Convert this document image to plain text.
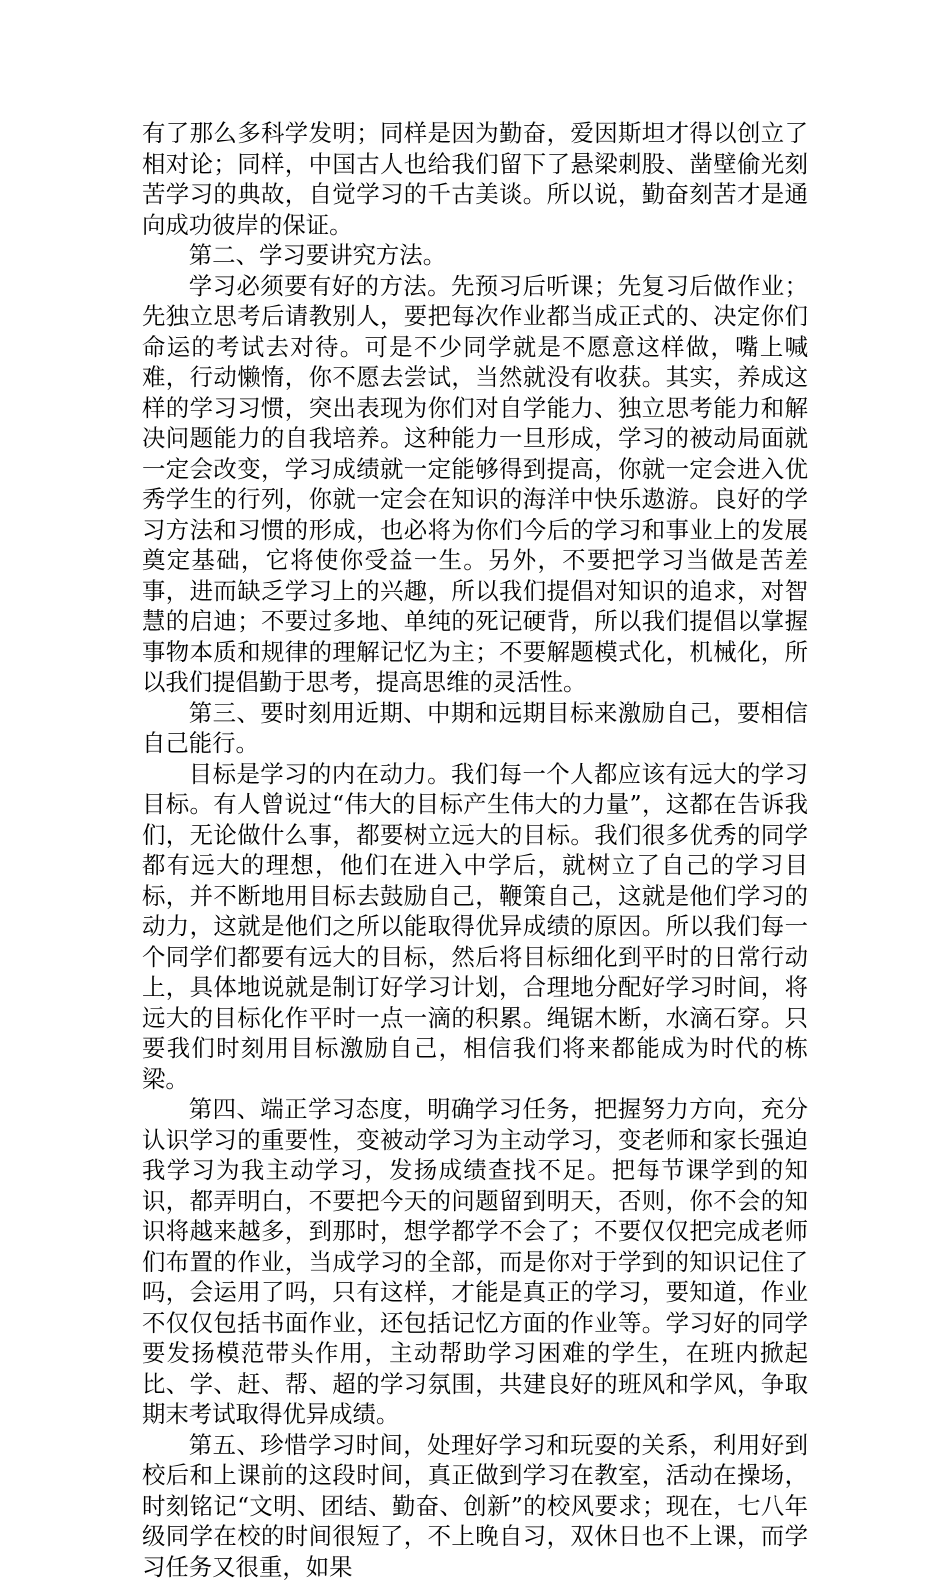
有了那么多科学发明；同样是因为勤奋，爱因斯坦才得以创立了相对论；同样，中国古人也给我们留下了悬梁刺股、凿壁偷光刻苦学习的典故，自觉学习的千古美谈。所以说，勤奋刻苦才是通向成功彼岸的保证。

第二、学习要讲究方法。

学习必须要有好的方法。先预习后听课；先复习后做作业；先独立思考后请教别人，要把每次作业都当成正式的、决定你们命运的考试去对待。可是不少同学就是不愿意这样做，嘴上喊难，行动懒惰，你不愿去尝试，当然就没有收获。其实，养成这样的学习习惯，突出表现为你们对自学能力、独立思考能力和解决问题能力的自我培养。这种能力一旦形成，学习的被动局面就一定会改变，学习成绩就一定能够得到提高，你就一定会进入优秀学生的行列，你就一定会在知识的海洋中快乐遨游。良好的学习方法和习惯的形成，也必将为你们今后的学习和事业上的发展奠定基础，它将使你受益一生。另外，不要把学习当做是苦差事，进而缺乏学习上的兴趣，所以我们提倡对知识的追求，对智慧的启迪；不要过多地、单纯的死记硬背，所以我们提倡以掌握事物本质和规律的理解记忆为主；不要解题模式化，机械化，所以我们提倡勤于思考，提高思维的灵活性。

第三、要时刻用近期、中期和远期目标来激励自己，要相信自己能行。

目标是学习的内在动力。我们每一个人都应该有远大的学习目标。有人曾说过“伟大的目标产生伟大的力量”，这都在告诉我们，无论做什么事，都要树立远大的目标。我们很多优秀的同学都有远大的理想，他们在进入中学后，就树立了自己的学习目标，并不断地用目标去鼓励自己，鞭策自己，这就是他们学习的动力，这就是他们之所以能取得优异成绩的原因。所以我们每一个同学们都要有远大的目标，然后将目标细化到平时的日常行动上，具体地说就是制订好学习计划，合理地分配好学习时间，将远大的目标化作平时一点一滴的积累。绳锯木断，水滴石穿。只要我们时刻用目标激励自己，相信我们将来都能成为时代的栋梁。

第四、端正学习态度，明确学习任务，把握努力方向，充分认识学习的重要性，变被动学习为主动学习，变老师和家长强迫我学习为我主动学习，发扬成绩查找不足。把每节课学到的知识，都弄明白，不要把今天的问题留到明天，否则，你不会的知识将越来越多，到那时，想学都学不会了；不要仅仅把完成老师们布置的作业，当成学习的全部，而是你对于学到的知识记住了吗，会运用了吗，只有这样，才能是真正的学习，要知道，作业不仅仅包括书面作业，还包括记忆方面的作业等。学习好的同学要发扬模范带头作用，主动帮助学习困难的学生，在班内掀起比、学、赶、帮、超的学习氛围，共建良好的班风和学风，争取期末考试取得优异成绩。

第五、珍惜学习时间，处理好学习和玩耍的关系，利用好到校后和上课前的这段时间，真正做到学习在教室，活动在操场，时刻铭记“文明、团结、勤奋、创新”的校风要求；现在，七八年级同学在校的时间很短了，不上晚自习，双休日也不上课，而学习任务又很重，如果
